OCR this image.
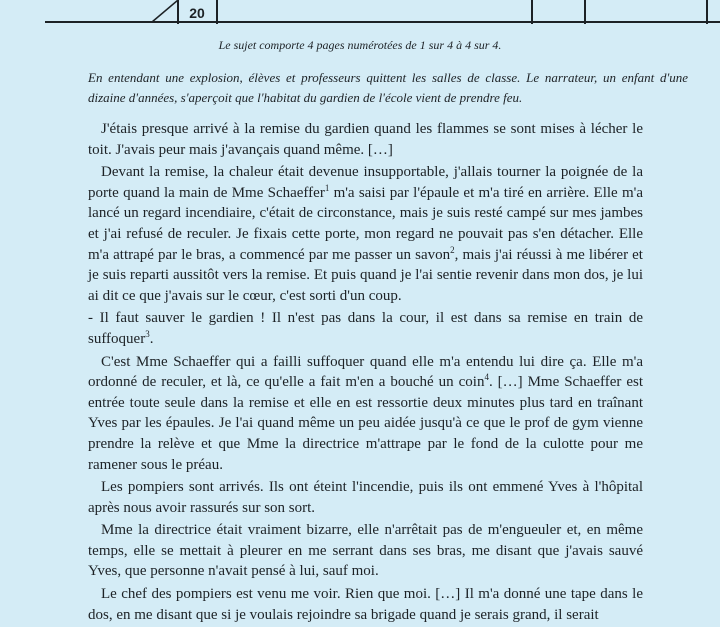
20
Le sujet comporte 4 pages numérotées de 1 sur 4 à 4 sur 4.
En entendant une explosion, élèves et professeurs quittent les salles de classe. Le narrateur, un enfant d'une dizaine d'années, s'aperçoit que l'habitat du gardien de l'école vient de prendre feu.

J'étais presque arrivé à la remise du gardien quand les flammes se sont mises à lécher le toit. J'avais peur mais j'avançais quand même. […]

Devant la remise, la chaleur était devenue insupportable, j'allais tourner la poignée de la porte quand la main de Mme Schaeffer$^1$ m'a saisi par l'épaule et m'a tiré en arrière. Elle m'a lancé un regard incendiaire, c'était de circonstance, mais je suis resté campé sur mes jambes et j'ai refusé de reculer. Je fixais cette porte, mon regard ne pouvait pas s'en détacher. Elle m'a attrapé par le bras, a commencé par me passer un savon$^2$, mais j'ai réussi à me libérer et je suis reparti aussitôt vers la remise. Et puis quand je l'ai sentie revenir dans mon dos, je lui ai dit ce que j'avais sur le cœur, c'est sorti d'un coup.

- Il faut sauver le gardien ! Il n'est pas dans la cour, il est dans sa remise en train de suffoquer$^3$.

C'est Mme Schaeffer qui a failli suffoquer quand elle m'a entendu lui dire ça. Elle m'a ordonné de reculer, et là, ce qu'elle a fait m'en a bouché un coin$^4$. […] Mme Schaeffer est entrée toute seule dans la remise et elle en est ressortie deux minutes plus tard en traînant Yves par les épaules. Je l'ai quand même un peu aidée jusqu'à ce que le prof de gym vienne prendre la relève et que Mme la directrice m'attrape par le fond de la culotte pour me ramener sous le préau.

Les pompiers sont arrivés. Ils ont éteint l'incendie, puis ils ont emmené Yves à l'hôpital après nous avoir rassurés sur son sort.

Mme la directrice était vraiment bizarre, elle n'arrêtait pas de m'engueuler et, en même temps, elle se mettait à pleurer en me serrant dans ses bras, me disant que j'avais sauvé Yves, que personne n'avait pensé à lui, sauf moi.

Le chef des pompiers est venu me voir. Rien que moi. […] Il m'a donné une tape dans le dos, en me disant que si je voulais rejoindre sa brigade quand je serais grand, il serait
